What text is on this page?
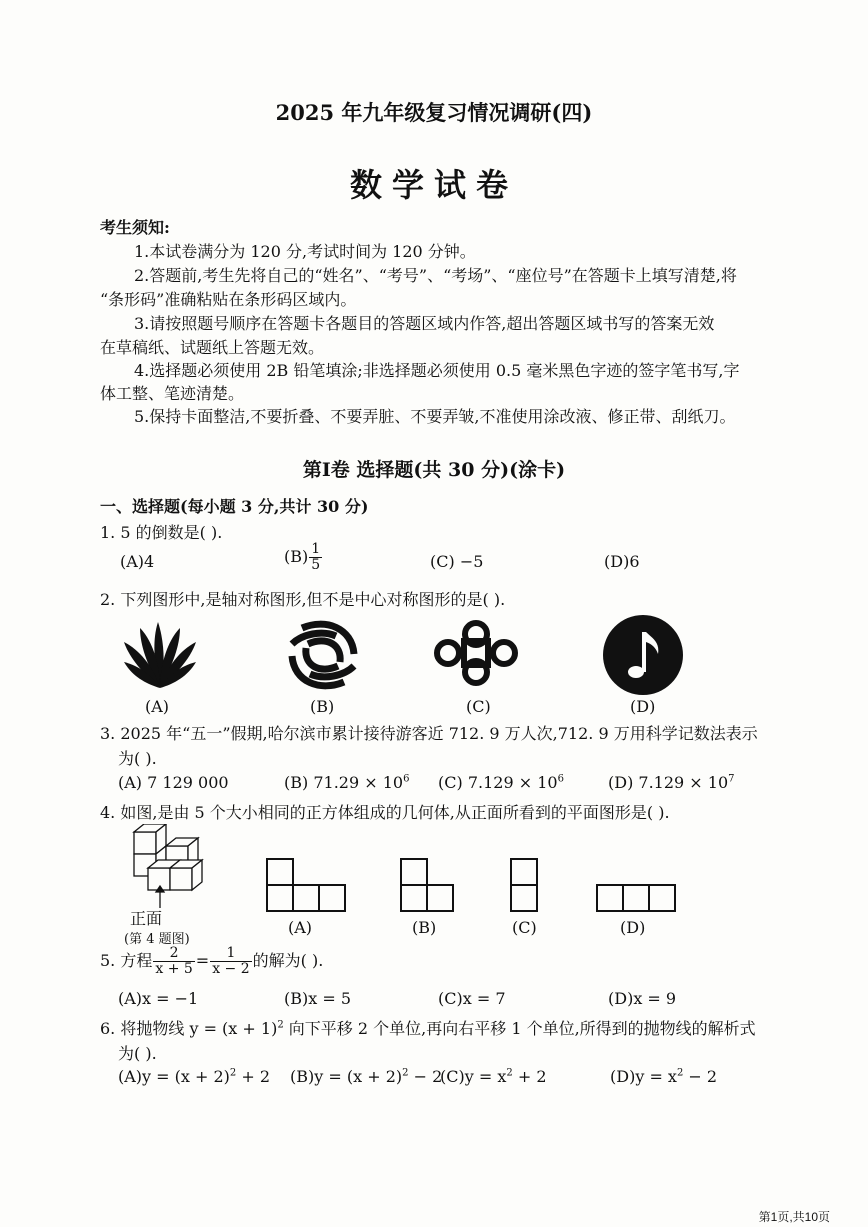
2025 年九年级复习情况调研(四)
数学试卷
考生须知:
1.本试卷满分为 120 分,考试时间为 120 分钟。
2.答题前,考生先将自己的“姓名”、“考号”、“考场”、“座位号”在答题卡上填写清楚,将
“条形码”准确粘贴在条形码区域内。
3.请按照题号顺序在答题卡各题目的答题区域内作答,超出答题区域书写的答案无效
在草稿纸、试题纸上答题无效。
4.选择题必须使用 2B 铅笔填涂;非选择题必须使用 0.5 毫米黑色字迹的签字笔书写,字
体工整、笔迹清楚。
5.保持卡面整洁,不要折叠、不要弄脏、不要弄皱,不准使用涂改液、修正带、刮纸刀。
第Ⅰ卷 选择题(共 30 分)(涂卡)
一、选择题(每小题 3 分,共计 30 分)
1. 5 的倒数是( ).
(A)4	$(B) \frac{1}{5}$	(C) −5	(D)6
2. 下列图形中,是轴对称图形,但不是中心对称图形的是( ).
(A)	(B)	(C)	(D)
3. 2025 年“五一”假期,哈尔滨市累计接待游客近 712. 9 万人次,712. 9 万用科学记数法表示
为( ).
(A) 7 129 000	(B) $71.29 \times 10^6$ (C) $7.129 \times 10^6$	(D) $7.129 \times 10^7$
4. 如图,是由 5 个大小相同的正方体组成的几何体,从正面所看到的平面图形是( ).
正面
(第 4 题图)
(A)	(B)	(C)	(D)
5. 方程 $\frac{2}{x + 5} = \frac{1}{x - 2}$ 的解为( ).
(A)x = −1	(B)x = 5	(C)x = 7	(D)x = 9
6. 将抛物线 $y = (x + 1)^2$ 向下平移 2 个单位,再向右平移 1 个单位,所得到的抛物线的解析式
为( ).
$(A)y = (x + 2)^2 + 2$ $(B)y = (x + 2)^2 - 2$
$(C)y = x^2 + 2$	$(D)y = x^2 - 2$
第1页,共10页
